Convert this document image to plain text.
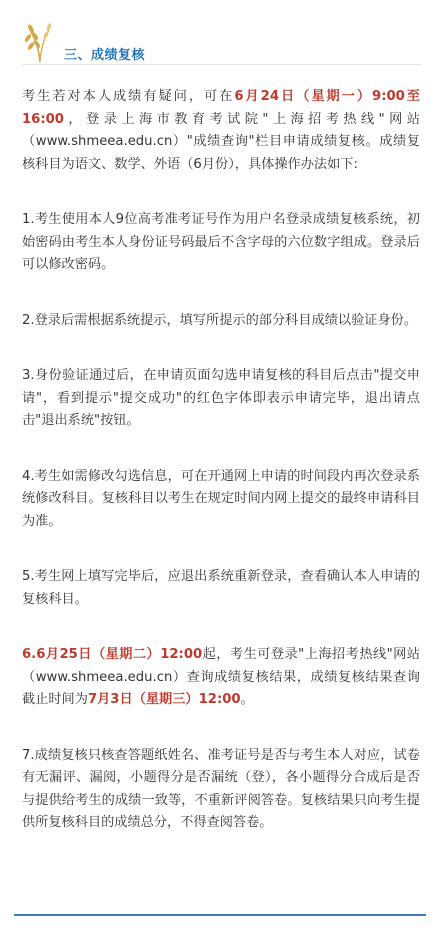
三、成绩复核

考生若对本人成绩有疑问，可在6月24日（星期一）9:00至16:00，登录上海市教育考试院"上海招考热线"网站（www.shmeea.edu.cn）"成绩查询"栏目申请成绩复核。成绩复核科目为语文、数学、外语（6月份），具体操作办法如下:

1.考生使用本人9位高考准考证号作为用户名登录成绩复核系统，初始密码由考生本人身份证号码最后不含字母的六位数字组成。登录后可以修改密码。

2.登录后需根据系统提示，填写所提示的部分科目成绩以验证身份。

3.身份验证通过后，在申请页面勾选申请复核的科目后点击"提交申请"，看到提示"提交成功"的红色字体即表示申请完毕，退出请点击"退出系统"按钮。

4.考生如需修改勾选信息，可在开通网上申请的时间段内再次登录系统修改科目。复核科目以考生在规定时间内网上提交的最终申请科目为准。

5.考生网上填写完毕后，应退出系统重新登录，查看确认本人申请的复核科目。

6.6月25日（星期二）12:00起，考生可登录"上海招考热线"网站（www.shmeea.edu.cn）查询成绩复核结果，成绩复核结果查询截止时间为7月3日（星期三）12:00。

7.成绩复核只核查答题纸姓名、准考证号是否与考生本人对应，试卷有无漏评、漏阅，小题得分是否漏统（登），各小题得分合成后是否与提供给考生的成绩一致等，不重新评阅答卷。复核结果只向考生提供所复核科目的成绩总分，不得查阅答卷。
